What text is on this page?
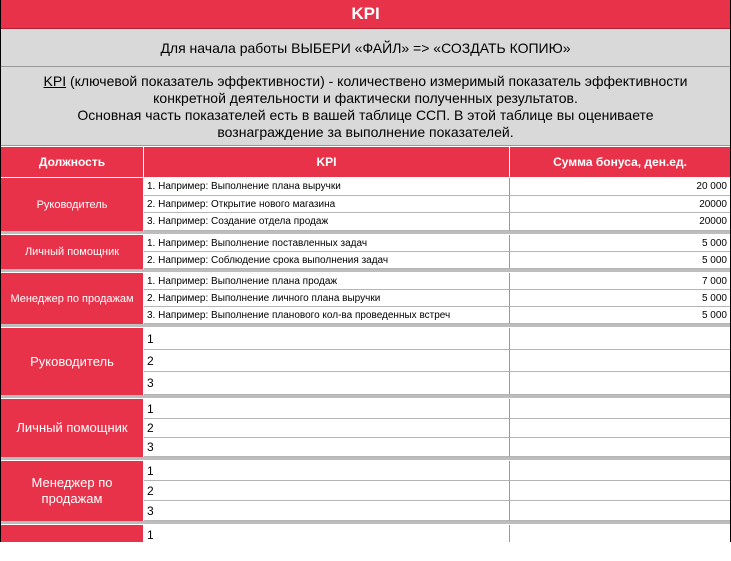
KPI
Для начала работы ВЫБЕРИ «ФАЙЛ» => «СОЗДАТЬ КОПИЮ»
KPI (ключевой показатель эффективности) - количествено измеримый показатель эффективности
конкретной деятельности и фактически полученных результатов.
Основная часть показателей есть в вашей таблице ССП. В этой таблице вы оцениваете
вознаграждение за выполнение показателей.
Должность	KPI	Сумма бонуса, ден.ед.
Руководитель
1. Например: Выполнение плана выручки	20 000
2. Например: Открытие нового магазина	20000
3. Например: Создание отдела продаж	20000
Личный помощник
1. Например: Выполнение поставленных задач	5 000
2. Например: Соблюдение срока выполнения задач	5 000
Менеджер по продажам
1. Например: Выполнение плана продаж	7 000
2. Например: Выполнение личного плана выручки	5 000
3. Например: Выполнение планового кол-ва проведенных встреч	5 000
Руководитель
1
2
3
Личный помощник
1
2
3
Менеджер по продажам
1
2
3
1
